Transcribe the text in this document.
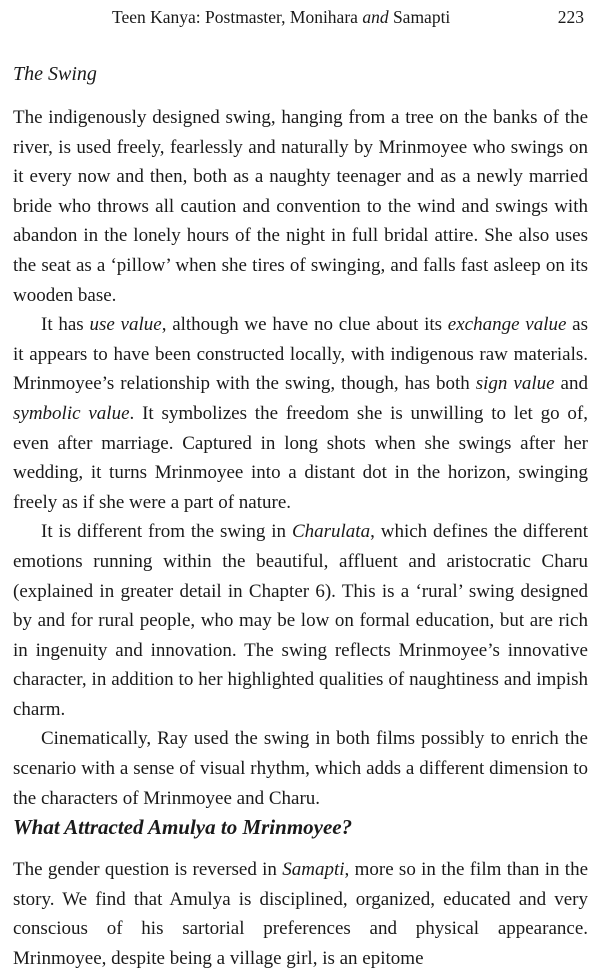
Teen Kanya: Postmaster, Monihara and Samapti	223
The Swing

The indigenously designed swing, hanging from a tree on the banks of the river, is used freely, fearlessly and naturally by Mrinmoyee who swings on it every now and then, both as a naughty teenager and as a newly married bride who throws all caution and convention to the wind and swings with abandon in the lonely hours of the night in full bridal attire. She also uses the seat as a ‘pillow’ when she tires of swinging, and falls fast asleep on its wooden base.

It has use value, although we have no clue about its exchange value as it appears to have been constructed locally, with indigenous raw materials. Mrinmoyee’s relationship with the swing, though, has both sign value and symbolic value. It symbolizes the freedom she is unwilling to let go of, even after marriage. Captured in long shots when she swings after her wedding, it turns Mrinmoyee into a distant dot in the horizon, swinging freely as if she were a part of nature.

It is different from the swing in Charulata, which defines the different emotions running within the beautiful, affluent and aristocratic Charu (explained in greater detail in Chapter 6). This is a ‘rural’ swing designed by and for rural people, who may be low on formal education, but are rich in ingenuity and innovation. The swing reflects Mrinmoyee’s innovative character, in addition to her highlighted qualities of naughtiness and impish charm.

Cinematically, Ray used the swing in both films possibly to enrich the scenario with a sense of visual rhythm, which adds a different dimension to the characters of Mrinmoyee and Charu.

What Attracted Amulya to Mrinmoyee?

The gender question is reversed in Samapti, more so in the film than in the story. We find that Amulya is disciplined, organized, educated and very conscious of his sartorial preferences and physical appearance. Mrinmoyee, despite being a village girl, is an epitome
